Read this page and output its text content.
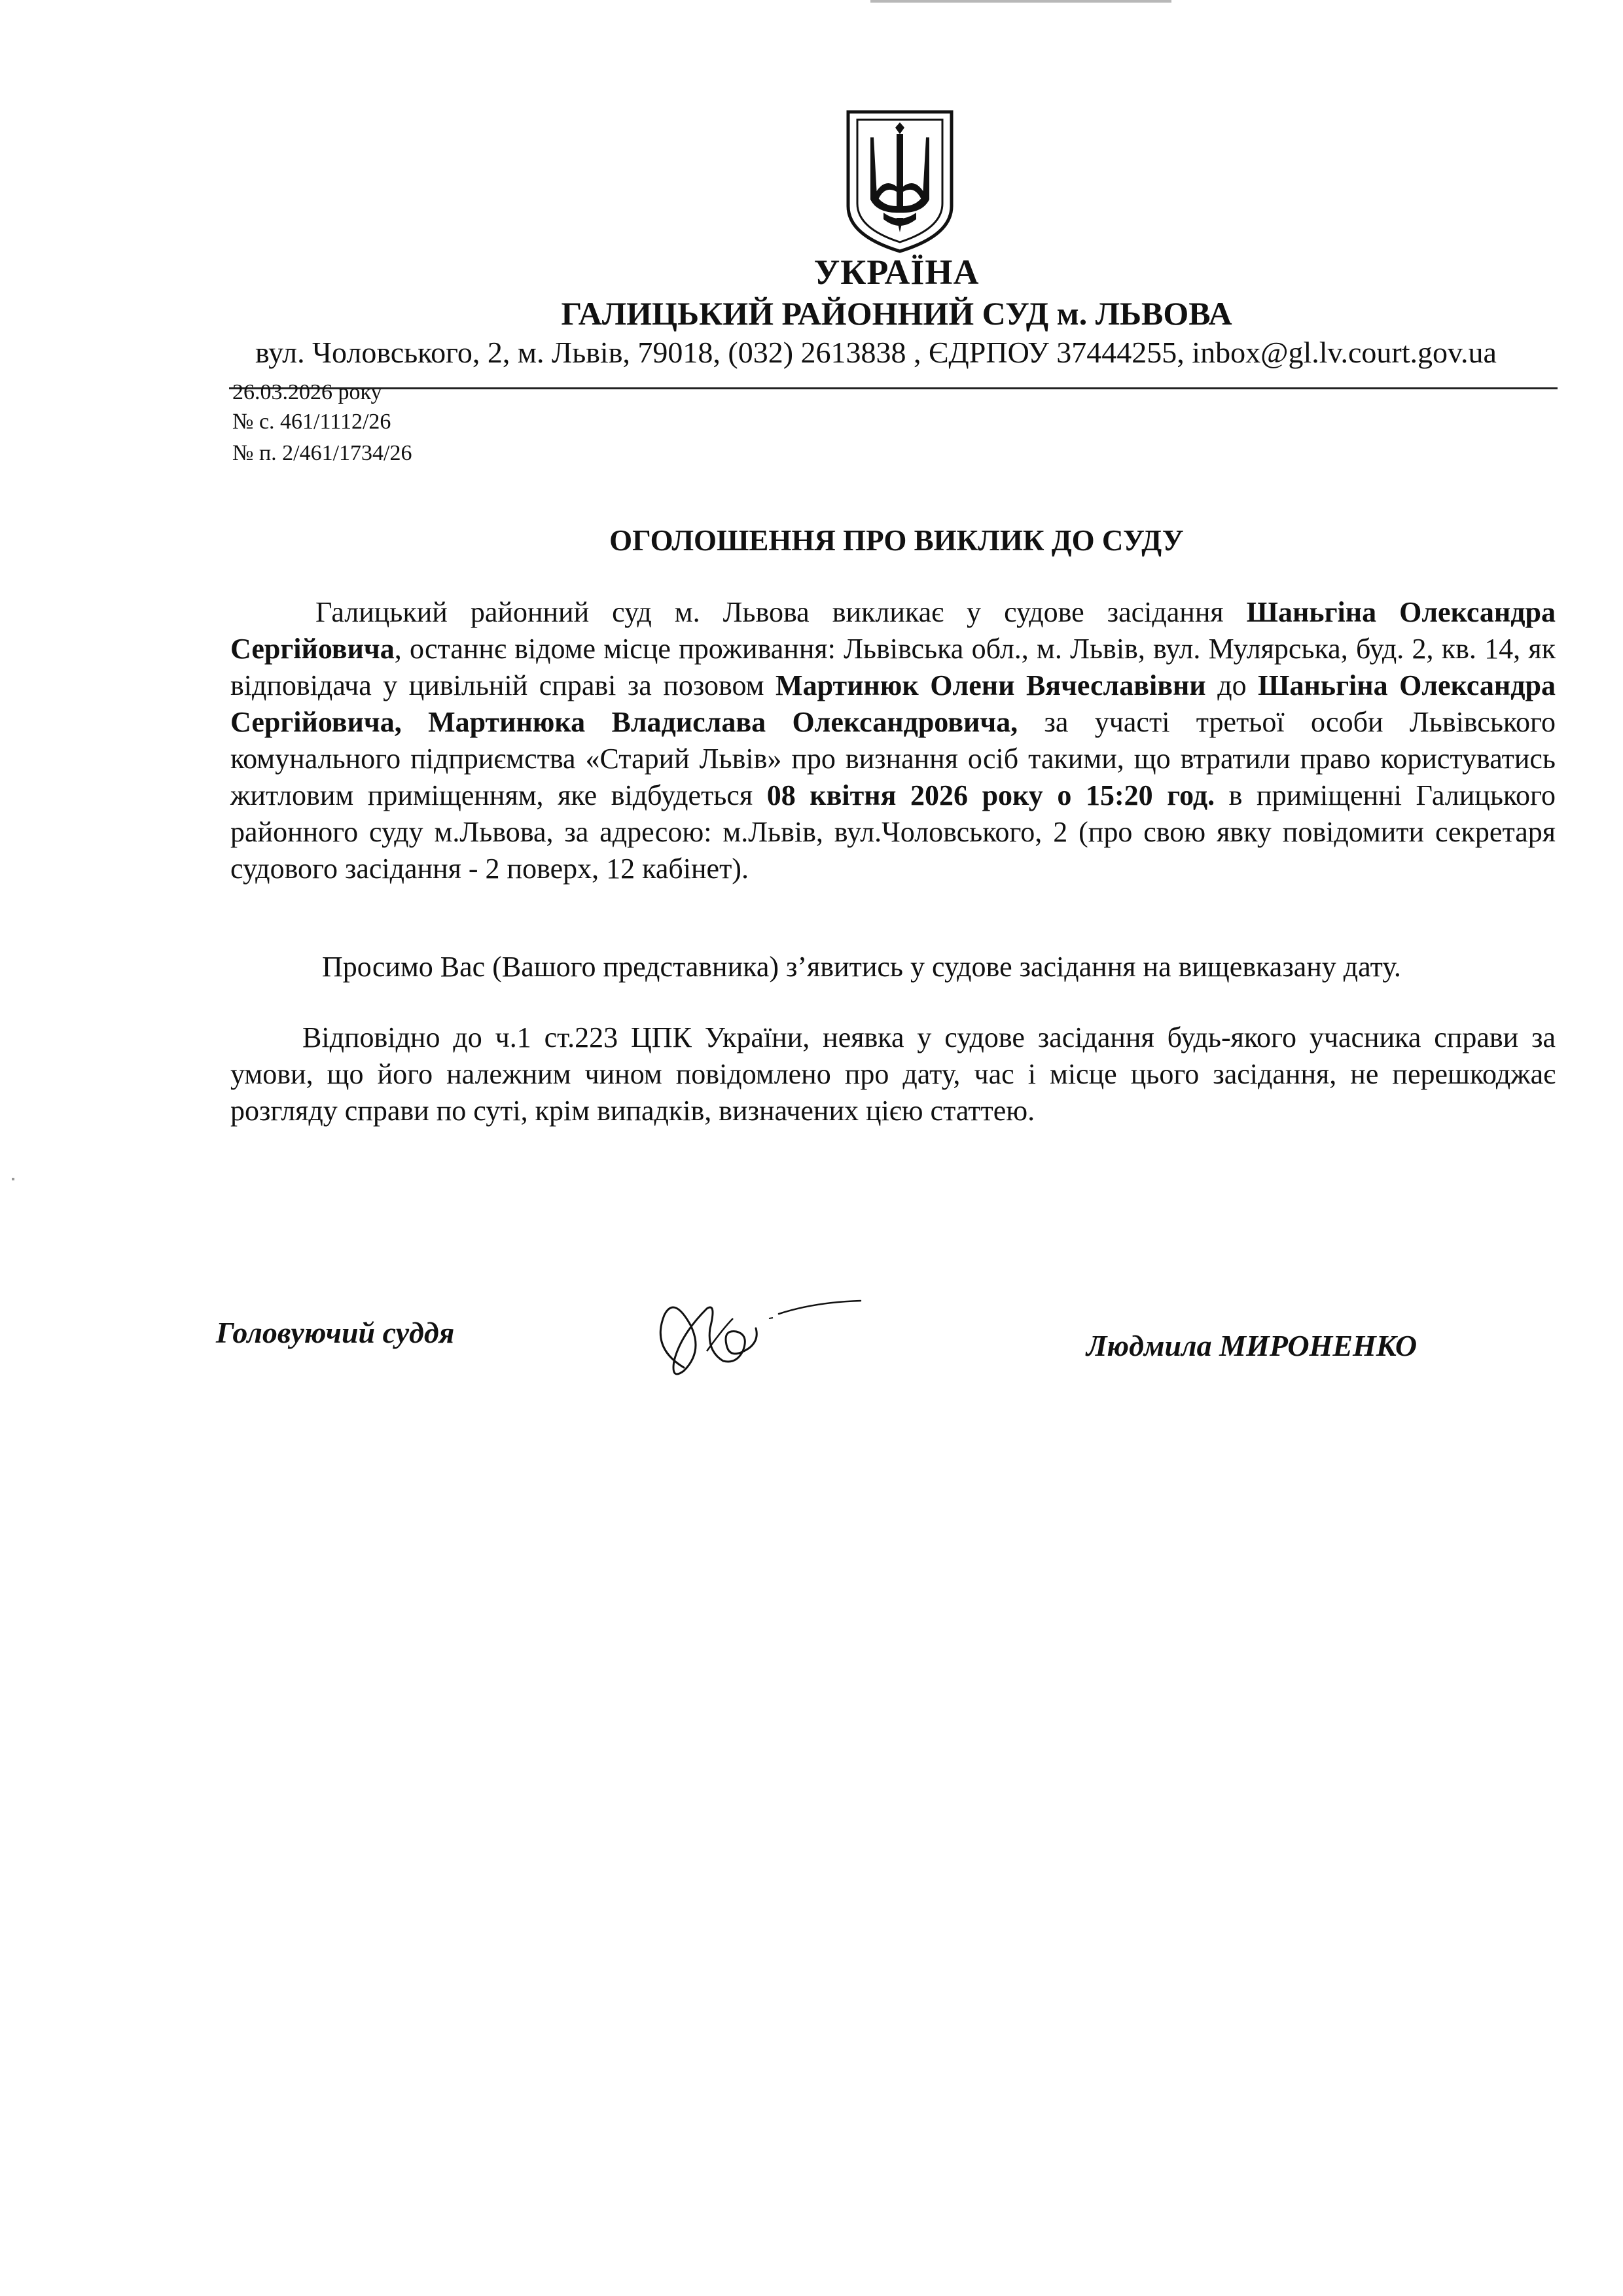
УКРАЇНА
ГАЛИЦЬКИЙ РАЙОННИЙ СУД м. ЛЬВОВА
вул. Чоловського, 2, м. Львів, 79018, (032) 2613838 , ЄДРПОУ 37444255, inbox@gl.lv.court.gov.ua
26.03.2026 року
№ с. 461/1112/26
№ п. 2/461/1734/26
ОГОЛОШЕННЯ ПРО ВИКЛИК ДО СУДУ
Галицький районний суд м. Львова викликає у судове засідання Шаньгіна Олександра Сергійовича, останнє відоме місце проживання: Львівська обл., м. Львів, вул. Мулярська, буд. 2, кв. 14, як відповідача у цивільній справі за позовом Мартинюк Олени Вячеславівни до Шаньгіна Олександра Сергійовича, Мартинюка Владислава Олександровича, за участі третьої особи Львівського комунального підприємства «Старий Львів» про визнання осіб такими, що втратили право користуватись житловим приміщенням, яке відбудеться 08 квітня 2026 року о 15:20 год. в приміщенні Галицького районного суду м.Львова, за адресою: м.Львів, вул.Чоловського, 2 (про свою явку повідомити секретаря судового засідання - 2 поверх, 12 кабінет).
Просимо Вас (Вашого представника) з’явитись у судове засідання на вищевказану дату.
Відповідно до ч.1 ст.223 ЦПК України, неявка у судове засідання будь-якого учасника справи за умови, що його належним чином повідомлено про дату, час і місце цього засідання, не перешкоджає розгляду справи по суті, крім випадків, визначених цією статтею.
Головуючий суддя	Людмила МИРОНЕНКО
